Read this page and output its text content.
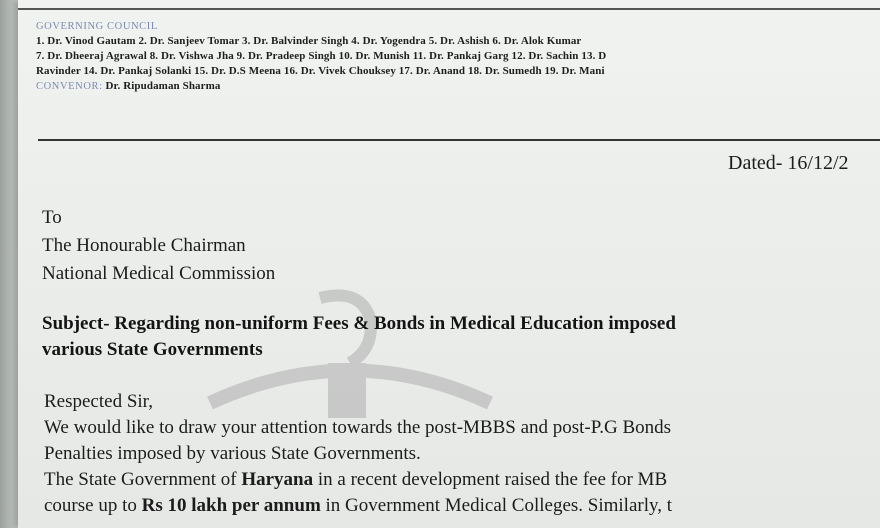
GOVERNING COUNCIL
1. Dr. Vinod Gautam 2. Dr. Sanjeev Tomar 3. Dr. Balvinder Singh 4. Dr. Yogendra 5. Dr. Ashish 6. Dr. Alok Kumar
7. Dr. Dheeraj Agrawal 8. Dr. Vishwa Jha 9. Dr. Pradeep Singh 10. Dr. Munish 11. Dr. Pankaj Garg 12. Dr. Sachin 13. D
Ravinder 14. Dr. Pankaj Solanki 15. Dr. D.S Meena 16. Dr. Vivek Chouksey 17. Dr. Anand 18. Dr. Sumedh 19. Dr. Mani
CONVENOR: Dr. Ripudaman Sharma
Dated- 16/12/2
To
The Honourable Chairman
National Medical Commission
Subject- Regarding non-uniform Fees & Bonds in Medical Education imposed
various State Governments
Respected Sir,
We would like to draw your attention towards the post-MBBS and post-P.G Bonds
Penalties imposed by various State Governments.
The State Government of Haryana in a recent development raised the fee for MB
course up to Rs 10 lakh per annum in Government Medical Colleges. Similarly, t
